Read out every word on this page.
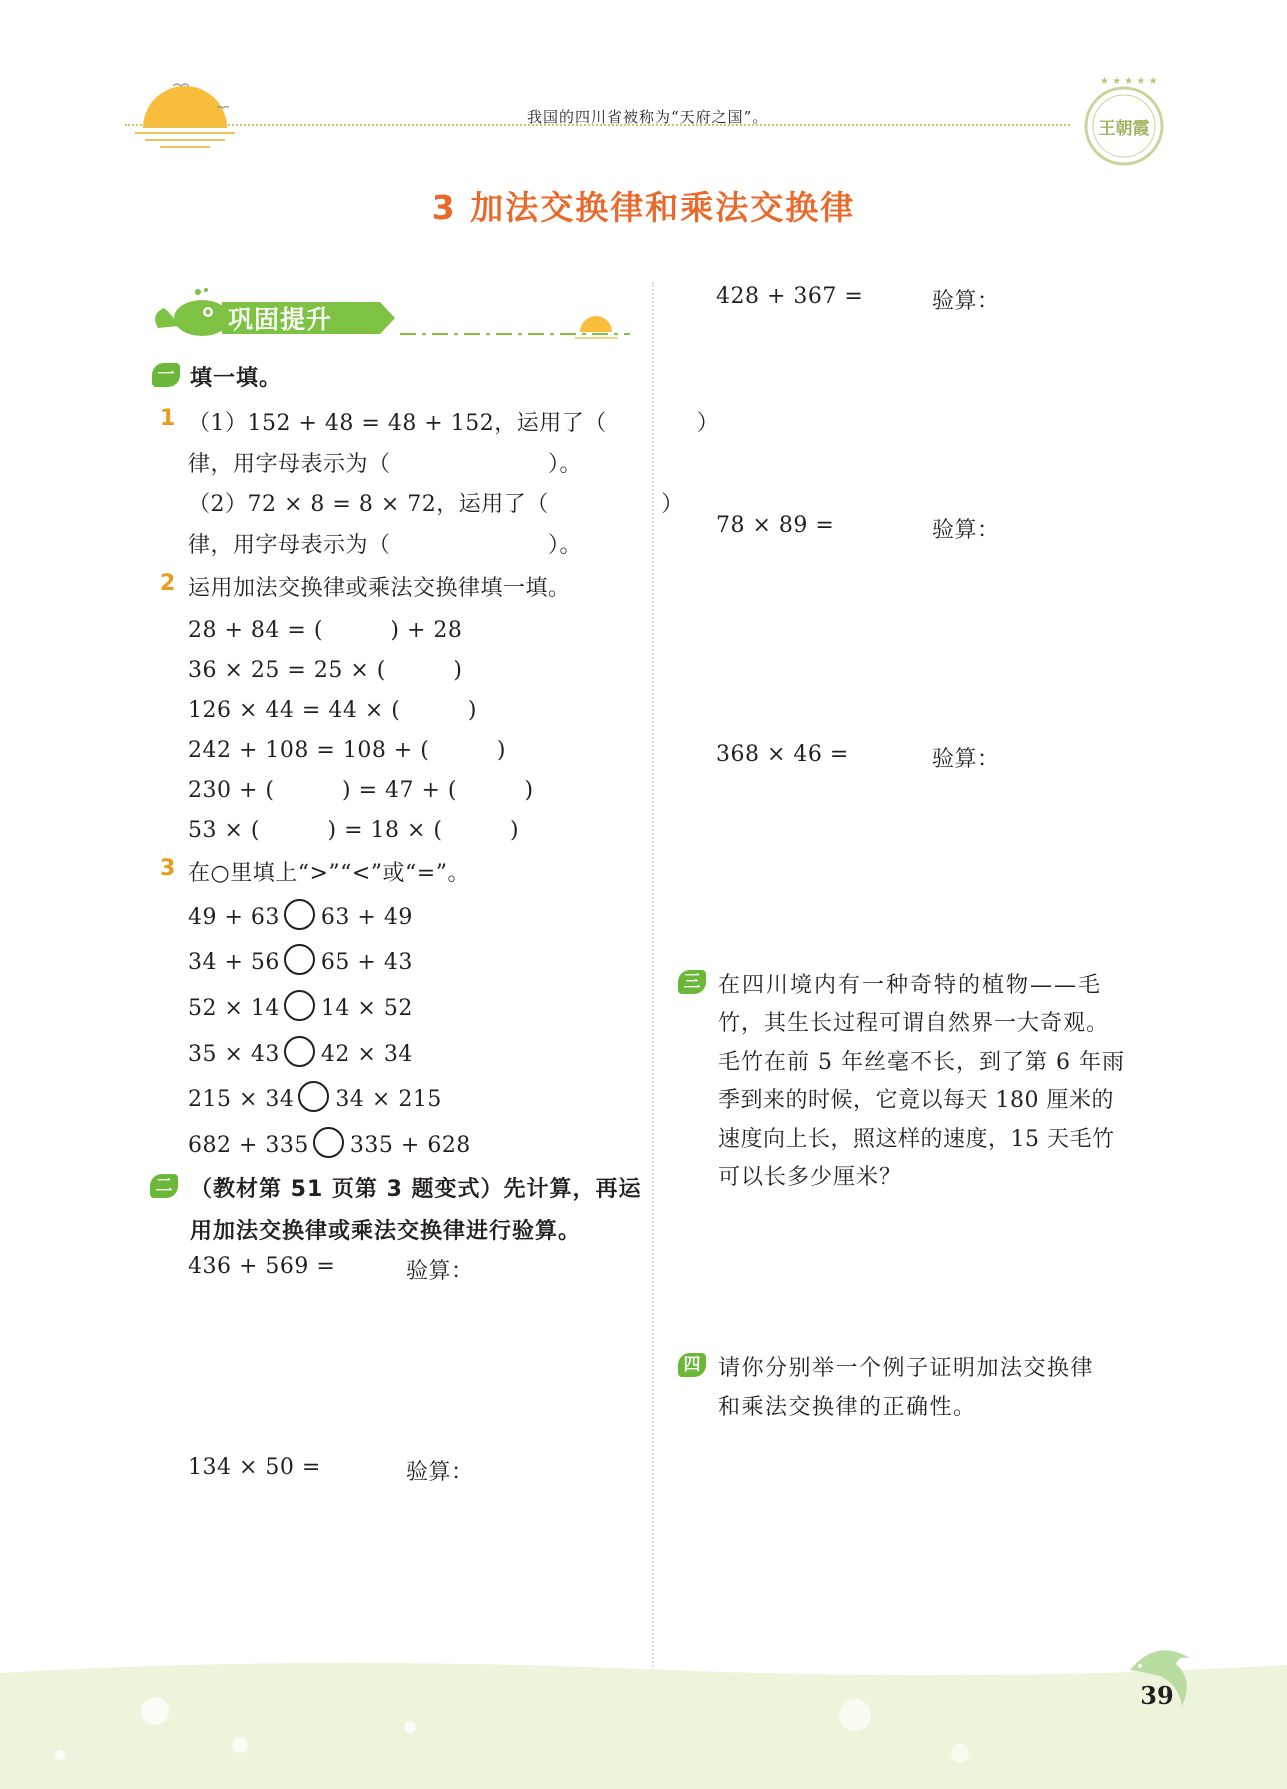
我国的四川省被称为“天府之国”。
★ ★ ★ ★ ★
王朝霞
3 加法交换律和乘法交换律
巩固提升
一 填一填。
1 （1）152 + 48 = 48 + 152，运用了（　　　　）
律，用字母表示为（　　　　　　　）。
（2）72 × 8 = 8 × 72，运用了（　　　　　）
律，用字母表示为（　　　　　　　）。
2 运用加法交换律或乘法交换律填一填。
28 + 84 = (　　　) + 28
36 × 25 = 25 × (　　　)
126 × 44 = 44 × (　　　)
242 + 108 = 108 + (　　　)
230 + (　　　) = 47 + (　　　)
53 × (　　　) = 18 × (　　　)
3 在○里填上“>”“<”或“=”。
49 + 63 63 + 49
34 + 56 65 + 43
52 × 14 14 × 52
35 × 43 42 × 34
215 × 34 34 × 215
682 + 335 335 + 628
二 （教材第 51 页第 3 题变式）先计算，再运
用加法交换律或乘法交换律进行验算。
436 + 569 =	验算：
134 × 50 =	验算：
428 + 367 =	验算：
78 × 89 =	验算：
368 × 46 =	验算：
三 在四川境内有一种奇特的植物——毛
竹，其生长过程可谓自然界一大奇观。
毛竹在前 5 年丝毫不长，到了第 6 年雨
季到来的时候，它竟以每天 180 厘米的
速度向上长，照这样的速度，15 天毛竹
可以长多少厘米？
四 请你分别举一个例子证明加法交换律
和乘法交换律的正确性。
39
